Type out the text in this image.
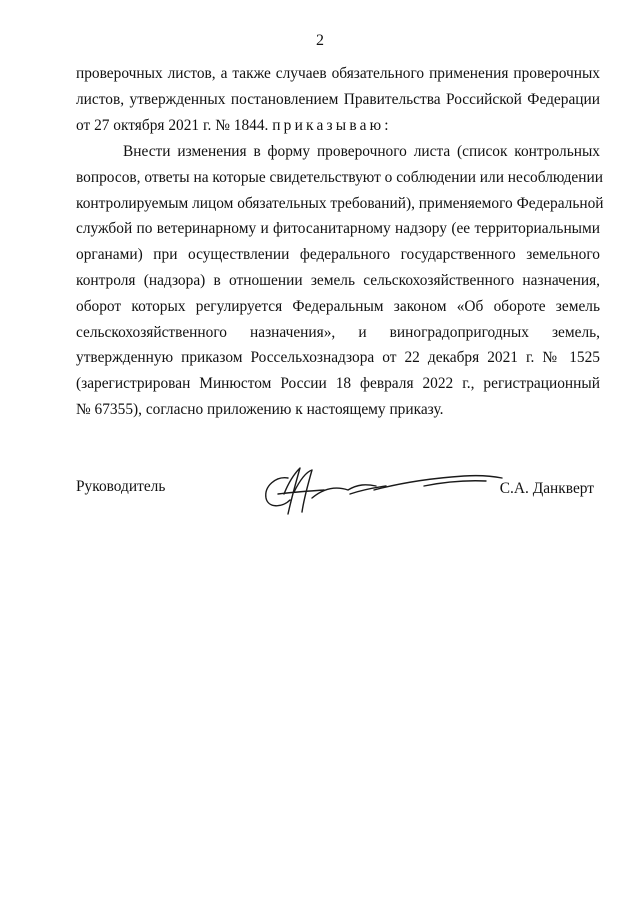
2
проверочных листов, а также случаев обязательного применения проверочных
листов, утвержденных постановлением Правительства Российской Федерации
от 27 октября 2021 г. № 1844. приказываю:
Внести изменения в форму проверочного листа (список контрольных
вопросов, ответы на которые свидетельствуют о соблюдении или несоблюдении
контролируемым лицом обязательных требований), применяемого Федеральной
службой по ветеринарному и фитосанитарному надзору (ее территориальными
органами) при осуществлении федерального государственного земельного
контроля (надзора) в отношении земель сельскохозяйственного назначения,
оборот которых регулируется Федеральным законом «Об обороте земель
сельскохозяйственного назначения», и виноградопригодных земель,
утвержденную приказом Россельхознадзора от 22 декабря 2021 г. № 1525
(зарегистрирован Минюстом России 18 февраля 2022 г., регистрационный
№ 67355), согласно приложению к настоящему приказу.
Руководитель	С.А. Данкверт
